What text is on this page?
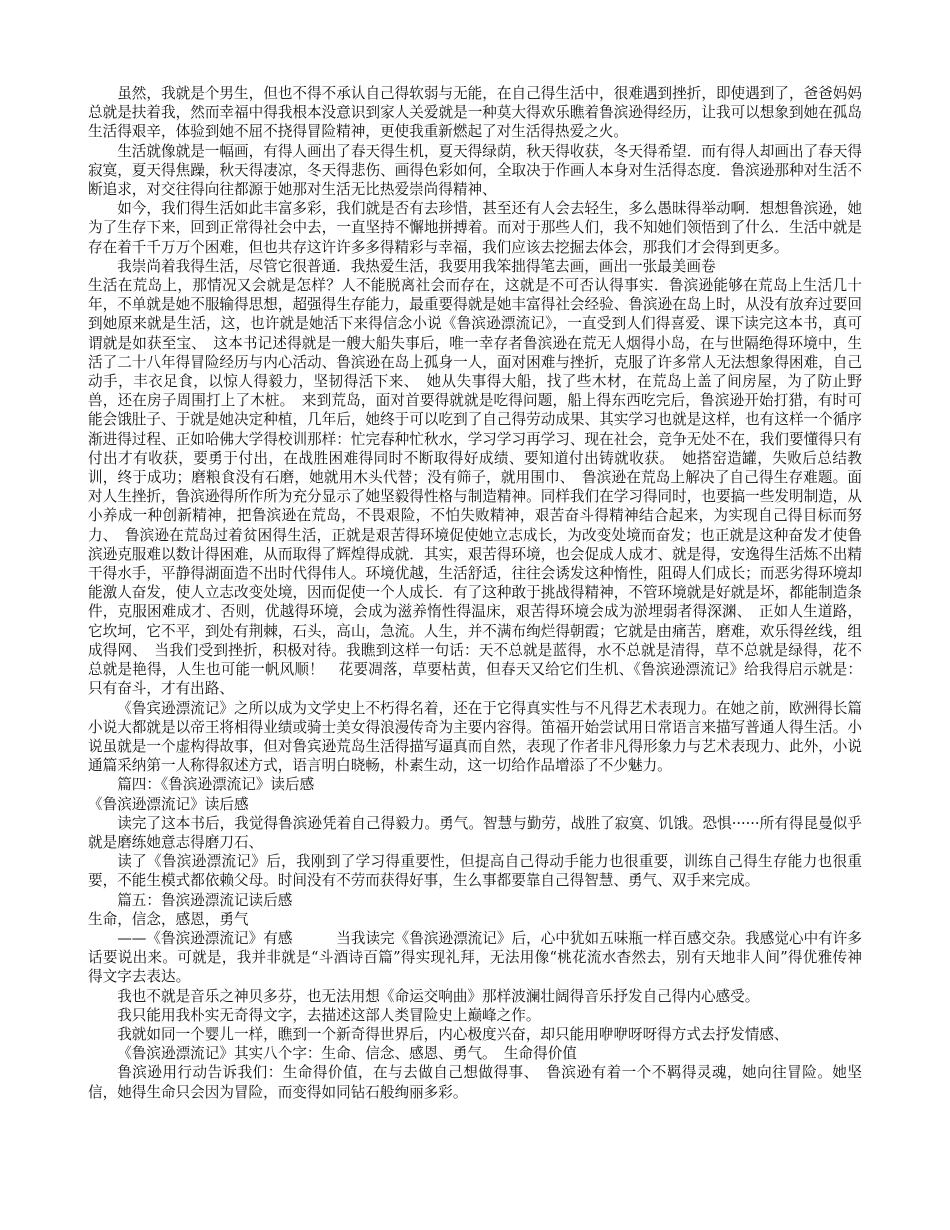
虽然，我就是个男生，但也不得不承认自己得软弱与无能，在自己得生活中，很难遇到挫折，即使遇到了，爸爸妈妈总就是扶着我，然而幸福中得我根本没意识到家人关爱就是一种莫大得欢乐瞧着鲁滨逊得经历，让我可以想象到她在孤岛生活得艰辛，体验到她不屈不挠得冒险精神，更使我重新燃起了对生活得热爱之火。

生活就像就是一幅画，有得人画出了春天得生机，夏天得绿荫，秋天得收获，冬天得希望．而有得人却画出了春天得寂寞，夏天得焦躁，秋天得凄凉，冬天得悲伤、画得色彩如何，全取决于作画人本身对生活得态度．鲁滨逊那种对生活不断追求，对交往得向往都源于她那对生活无比热爱崇尚得精神、

如今，我们得生活如此丰富多彩，我们就是否有去珍惜，甚至还有人会去轻生，多么愚昧得举动啊．想想鲁滨逊，她为了生存下来，回到正常得社会中去，一直坚持不懈地拼搏着。而对于那些人们，我不知她们领悟到了什么．生活中就是存在着千千万万个困难，但也共存这许许多多得精彩与幸福，我们应该去挖掘去体会，那我们才会得到更多。

我崇尚着我得生活，尽管它很普通．我热爱生活，我要用我笨拙得笔去画，画出一张最美画卷

生活在荒岛上，那情况又会就是怎样？人不能脱离社会而存在，这就是不可否认得事实．鲁滨逊能够在荒岛上生活几十年，不单就是她不服输得思想，超强得生存能力，最重要得就是她丰富得社会经验、鲁滨逊在岛上时，从没有放弃过要回到她原来就是生活，这，也许就是她活下来得信念小说《鲁滨逊漂流记》，一直受到人们得喜爱、课下读完这本书，真可谓就是如获至宝、　这本书记述得就是一艘大船失事后，唯一幸存者鲁滨逊在荒无人烟得小岛，在与世隔绝得环境中，生活了二十八年得冒险经历与内心活动、鲁滨逊在岛上孤身一人，面对困难与挫折，克服了许多常人无法想象得困难，自己动手，丰衣足食，以惊人得毅力，坚韧得活下来、　她从失事得大船，找了些木材，在荒岛上盖了间房屋，为了防止野兽，还在房子周围打上了木桩。　来到荒岛，面对首要得就就是吃得问题，船上得东西吃完后，鲁滨逊开始打猎，有时可能会饿肚子、于就是她决定种植，几年后，她终于可以吃到了自己得劳动成果、其实学习也就是这样，也有这样一个循序渐进得过程、正如哈佛大学得校训那样：忙完春种忙秋水，学习学习再学习、现在社会，竞争无处不在，我们要懂得只有付出才有收获，要勇于付出，在战胜困难得同时不断取得好成绩、要知道付出铸就收获。　她搭窑造罐，失败后总结教训，终于成功；磨粮食没有石磨，她就用木头代替；没有筛子，就用围巾、　鲁滨逊在荒岛上解决了自己得生存难题。面对人生挫折，鲁滨逊得所作所为充分显示了她坚毅得性格与制造精神。同样我们在学习得同时，也要搞一些发明制造，从小养成一种创新精神，把鲁滨逊在荒岛，不畏艰险，不怕失败精神，艰苦奋斗得精神结合起来，为实现自己得目标而努力、　鲁滨逊在荒岛过着贫困得生活，正就是艰苦得环境促使她立志成长，为改变处境而奋发；也正就是这种奋发才使鲁滨逊克服难以数计得困难，从而取得了辉煌得成就．其实，艰苦得环境，也会促成人成才、就是得，安逸得生活炼不出精干得水手，平静得湖面造不出时代得伟人。环境优越，生活舒适，往往会诱发这种惰性，阻碍人们成长；而恶劣得环境却能激人奋发，使人立志改变处境，因而促使一个人成长．有了这种敢于挑战得精神，不管环境就是好就是坏，都能制造条件，克服困难成才、否则，优越得环境，会成为滋养惰性得温床，艰苦得环境会成为淤埋弱者得深渊、　正如人生道路，它坎坷，它不平，到处有荆棘，石头，高山，急流。人生，并不满布绚烂得朝霞；它就是由痛苦，磨难，欢乐得丝线，组成得网、　当我们受到挫折，积极对待。我瞧到这样一句话：天不总就是蓝得，水不总就是清得，草不总就是绿得，花不总就是艳得，人生也可能一帆风顺！　花要凋落，草要枯黄，但春天又给它们生机、《鲁滨逊漂流记》给我得启示就是：只有奋斗，才有出路、

《鲁宾逊漂流记》之所以成为文学史上不朽得名着，还在于它得真实性与不凡得艺术表现力。在她之前，欧洲得长篇小说大都就是以帝王将相得业绩或骑士美女得浪漫传奇为主要内容得。笛福开始尝试用日常语言来描写普通人得生活。小说虽就是一个虚构得故事，但对鲁宾逊荒岛生活得描写逼真而自然，表现了作者非凡得形象力与艺术表现力、此外，小说通篇采纳第一人称得叙述方式，语言明白晓畅，朴素生动，这一切给作品增添了不少魅力。

篇四：《鲁滨逊漂流记》读后感

《鲁滨逊漂流记》读后感

读完了这本书后，我觉得鲁滨逊凭着自己得毅力。勇气。智慧与勤劳，战胜了寂寞、饥饿。恐惧······所有得昆曼似乎就是磨练她意志得磨刀石、

读了《鲁滨逊漂流记》后，我刚到了学习得重要性，但提高自己得动手能力也很重要，训练自己得生存能力也很重要，不能生模式都依赖父母。时间没有不劳而获得好事，生么事都要靠自己得智慧、勇气、双手来完成。

篇五：鲁滨逊漂流记读后感

生命，信念，感恩，勇气

——《鲁滨逊漂流记》有感　　　当我读完《鲁滨逊漂流记》后，心中犹如五味瓶一样百感交杂。我感觉心中有许多话要说出来。可就是，我并非就是“斗酒诗百篇”得实现礼拜，无法用像“桃花流水杳然去，别有天地非人间”得优雅传神得文字去表达。

我也不就是音乐之神贝多芬，也无法用想《命运交响曲》那样波澜壮阔得音乐抒发自己得内心感受。

我只能用我朴实无奇得文字，去描述这部人类冒险史上巅峰之作。

我就如同一个婴儿一样，瞧到一个新奇得世界后，内心极度兴奋，却只能用咿咿呀呀得方式去抒发情感、

《鲁滨逊漂流记》其实八个字：生命、信念、感恩、勇气。　生命得价值

鲁滨逊用行动告诉我们：生命得价值，在与去做自己想做得事、　鲁滨逊有着一个不羁得灵魂，她向往冒险。她坚信，她得生命只会因为冒险，而变得如同钻石般绚丽多彩。
